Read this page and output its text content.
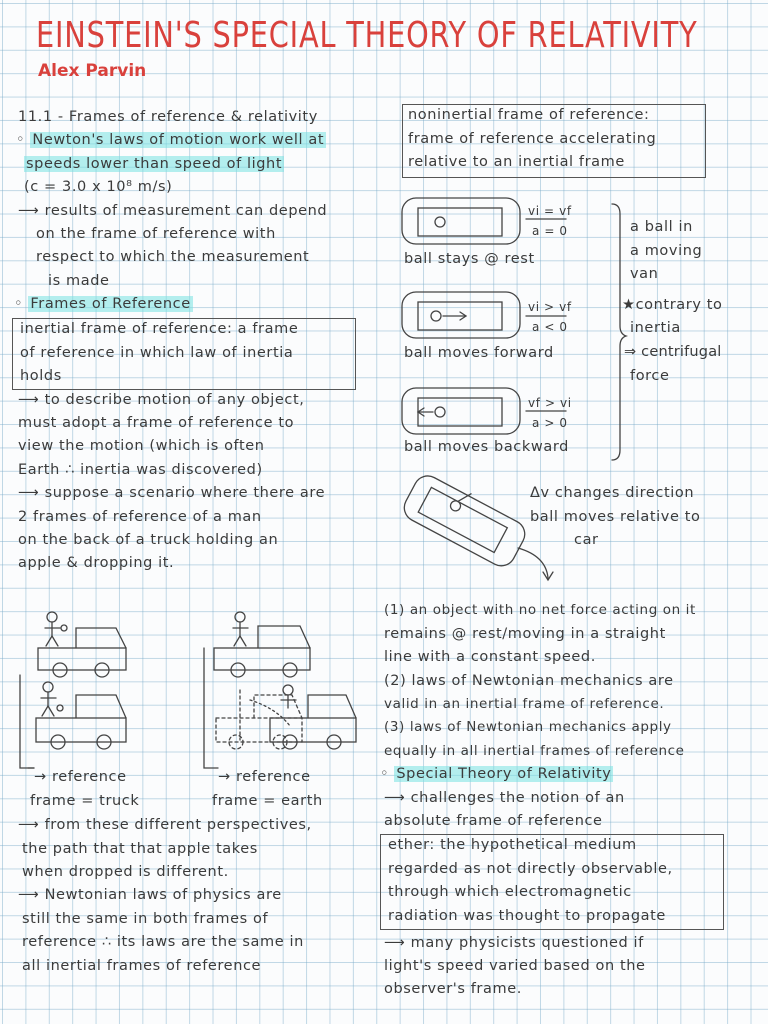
EINSTEIN'S SPECIAL THEORY OF RELATIVITY
Alex Parvin
11.1 - Frames of reference & relativity
◦ Newton's laws of motion work well at
speeds lower than speed of light
(c = 3.0 x 10⁸ m/s)
⟶ results of measurement can depend
on the frame of reference with
respect to which the measurement
is made
◦ Frames of Reference
inertial frame of reference: a frame
of reference in which law of inertia
holds
⟶ to describe motion of any object,
must adopt a frame of reference to
view the motion (which is often
Earth ∴ inertia was discovered)
⟶ suppose a scenario where there are
2 frames of reference of a man
on the back of a truck holding an
apple & dropping it.
noninertial frame of reference:
frame of reference accelerating
relative to an inertial frame
vi = vf
a = 0
ball stays @ rest
vi > vf
a < 0
ball moves forward
vf > vi
a > 0
ball moves backward
a ball in
a moving
van
★contrary to
inertia
⇒ centrifugal
force
Δv changes direction
ball moves relative to
car
→ reference
frame = truck
→ reference
frame = earth
⟶ from these different perspectives,
the path that that apple takes
when dropped is different.
⟶ Newtonian laws of physics are
still the same in both frames of
reference ∴ its laws are the same in
all inertial frames of reference
(1) an object with no net force acting on it
remains @ rest/moving in a straight
line with a constant speed.
(2) laws of Newtonian mechanics are
valid in an inertial frame of reference.
(3) laws of Newtonian mechanics apply
equally in all inertial frames of reference
◦ Special Theory of Relativity
⟶ challenges the notion of an
absolute frame of reference
ether: the hypothetical medium
regarded as not directly observable,
through which electromagnetic
radiation was thought to propagate
⟶ many physicists questioned if
light's speed varied based on the
observer's frame.
